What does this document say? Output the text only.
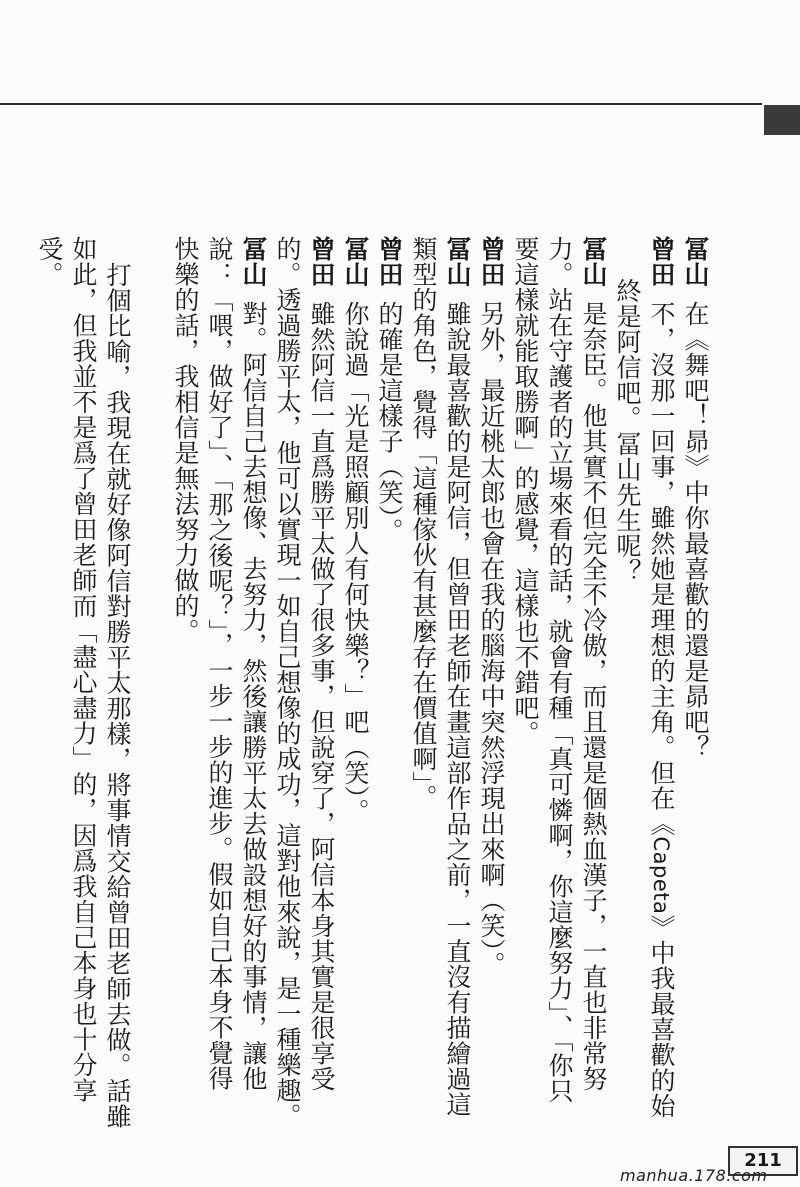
冨山在《舞吧！昴》中你最喜歡的還是昴吧？

曾田不，沒那一回事，雖然她是理想的主角。但在《Capeta》中我最喜歡的始

終是阿信吧。冨山先生呢？

冨山是奈臣。他其實不但完全不冷傲，而且還是個熱血漢子，一直也非常努

力。站在守護者的立場來看的話，就會有種「真可憐啊，你這麼努力」、「你只

要這樣就能取勝啊」的感覺，這樣也不錯吧。

曾田另外，最近桃太郎也會在我的腦海中突然浮現出來啊（笑）。

冨山雖說最喜歡的是阿信，但曾田老師在畫這部作品之前，一直沒有描繪過這

類型的角色，覺得「這種傢伙有甚麼存在價值啊」。

曾田的確是這樣子（笑）。

冨山你說過「光是照顧別人有何快樂？」吧（笑）。

曾田雖然阿信一直爲勝平太做了很多事，但說穿了，阿信本身其實是很享受

的。透過勝平太，他可以實現一如自己想像的成功，這對他來說，是一種樂趣。

冨山對。阿信自己去想像、去努力，然後讓勝平太去做設想好的事情，讓他

說：「喂，做好了」、「那之後呢？」，一步一步的進步。假如自己本身不覺得

快樂的話，我相信是無法努力做的。

打個比喻，我現在就好像阿信對勝平太那樣，將事情交給曾田老師去做。話雖

如此，但我並不是爲了曾田老師而「盡心盡力」的，因爲我自己本身也十分享

受。

211
manhua.178.com
